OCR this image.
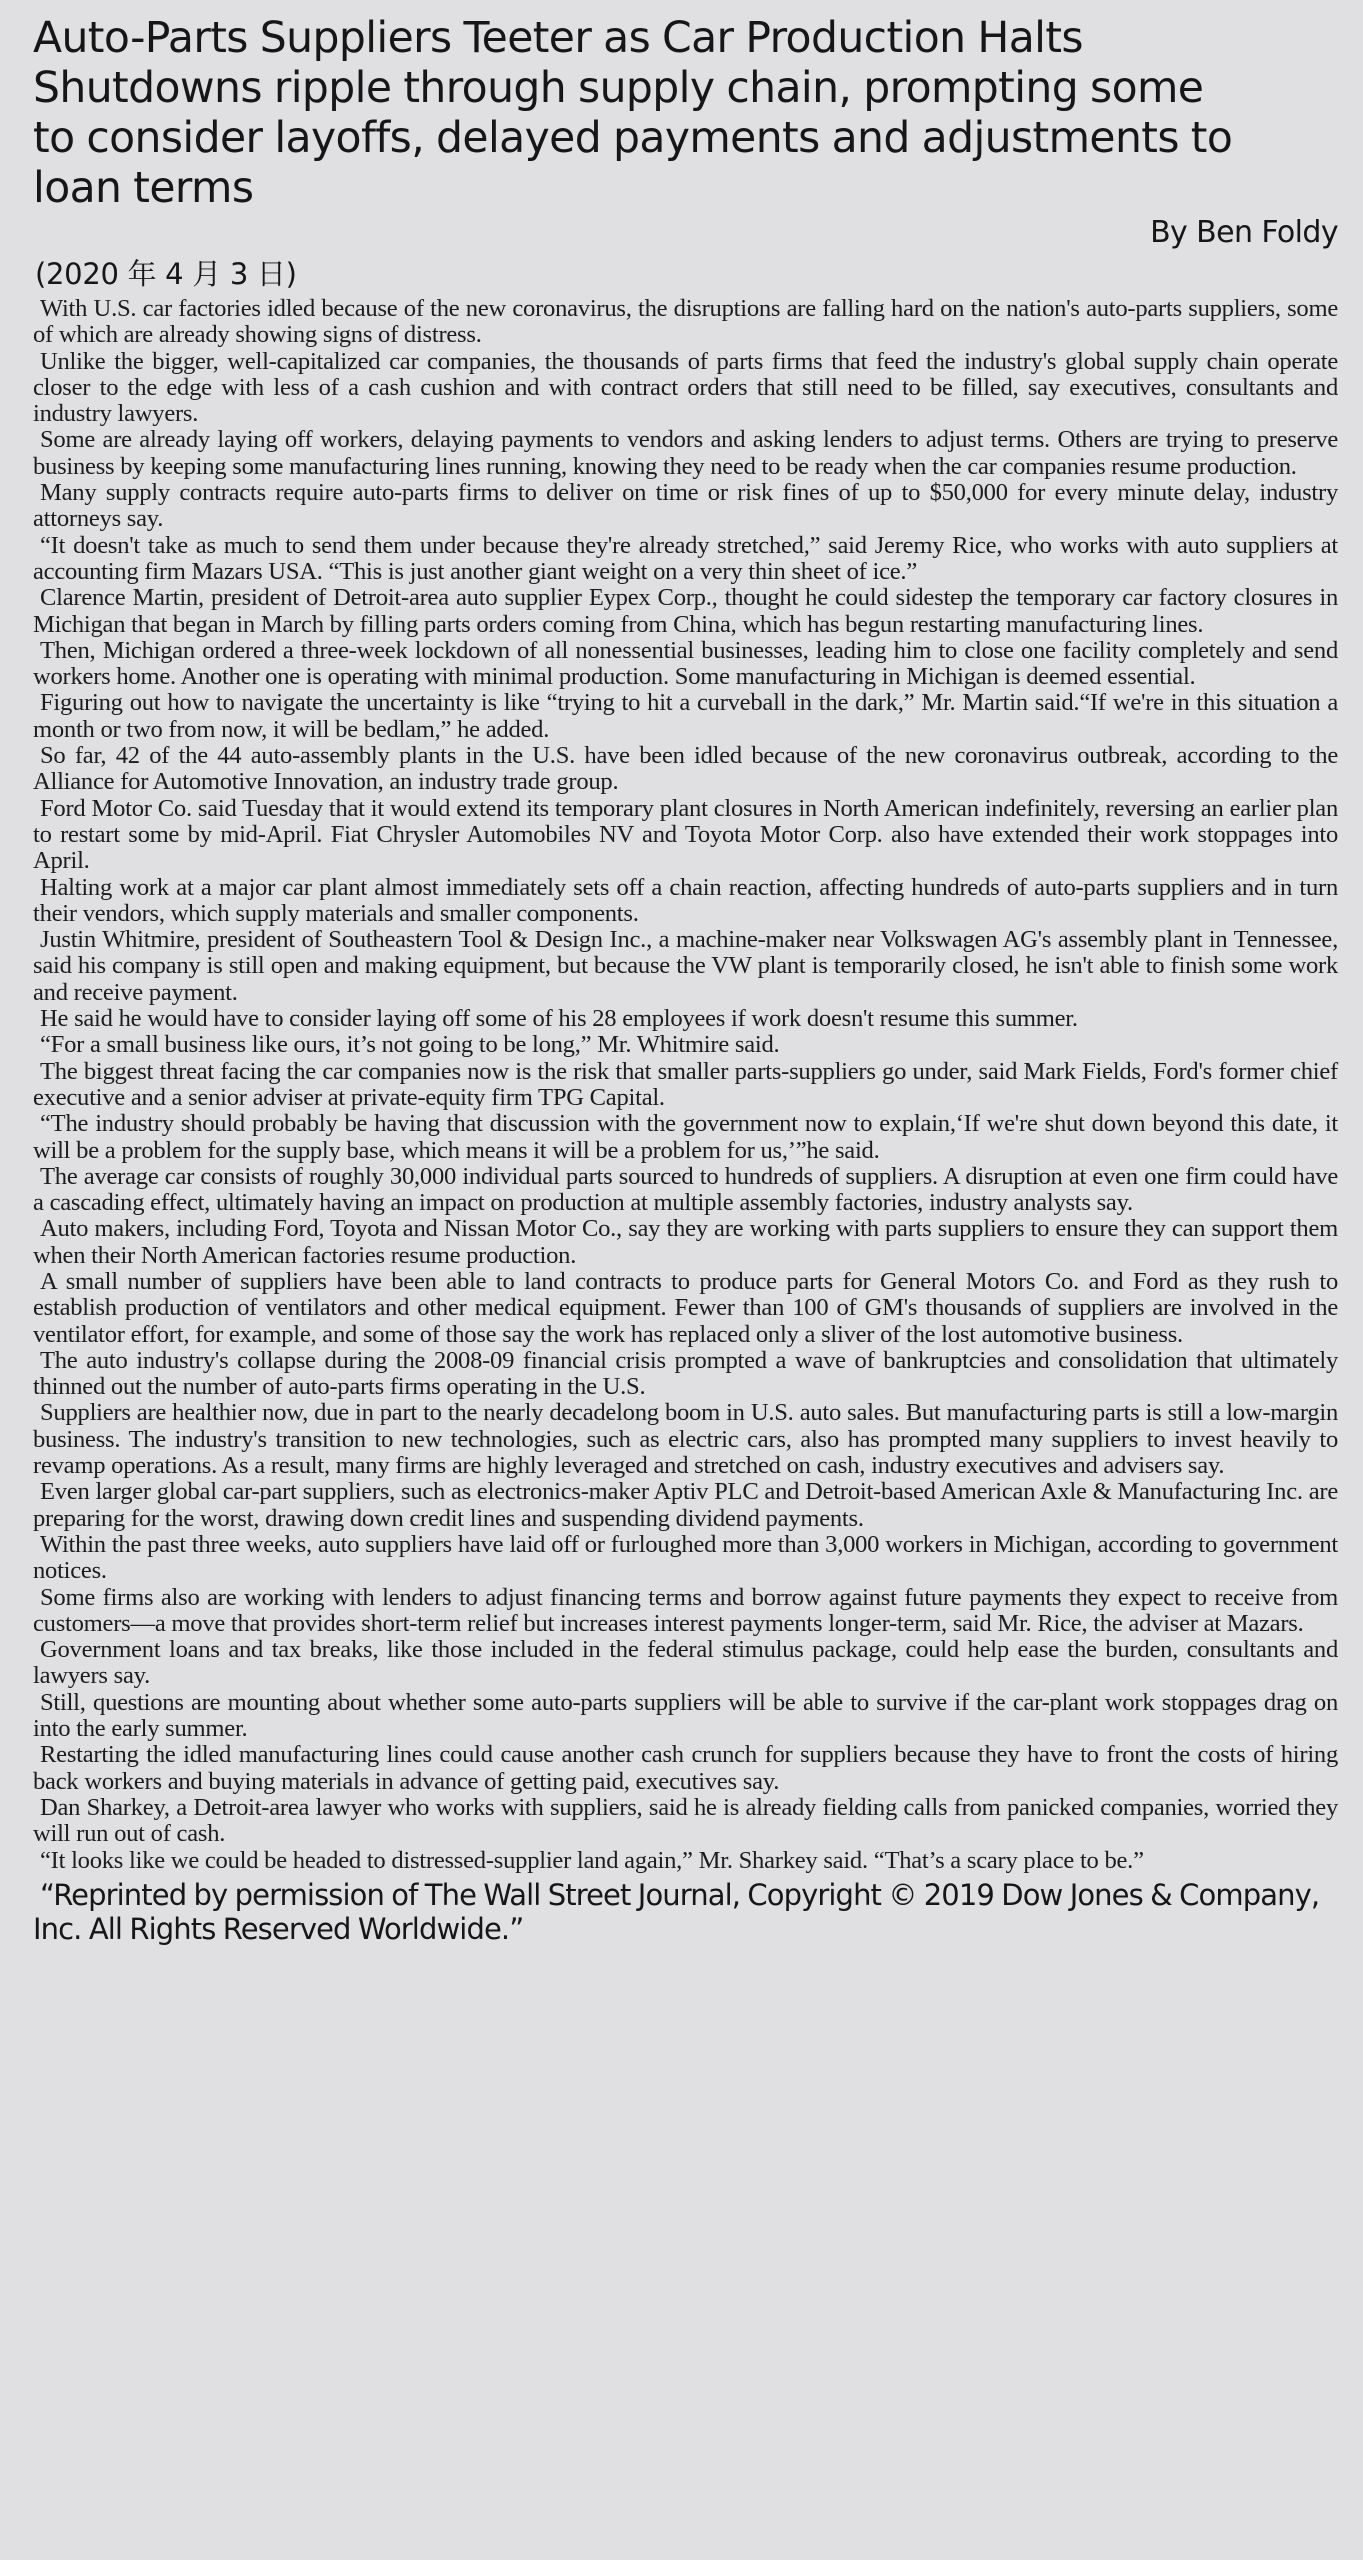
Auto-Parts Suppliers Teeter as Car Production Halts
Shutdowns ripple through supply chain, prompting some
to consider layoffs, delayed payments and adjustments to
loan terms

By Ben Foldy

(2020 年 4 月 3 日)

With U.S. car factories idled because of the new coronavirus, the disruptions are falling hard on the nation's auto-parts suppliers, some of which are already showing signs of distress.

Unlike the bigger, well-capitalized car companies, the thousands of parts firms that feed the industry's global supply chain operate closer to the edge with less of a cash cushion and with contract orders that still need to be filled, say executives, consultants and industry lawyers.

Some are already laying off workers, delaying payments to vendors and asking lenders to adjust terms. Others are trying to preserve business by keeping some manufacturing lines running, knowing they need to be ready when the car companies resume production.

Many supply contracts require auto-parts firms to deliver on time or risk fines of up to $50,000 for every minute delay, industry attorneys say.

“It doesn't take as much to send them under because they're already stretched,” said Jeremy Rice, who works with auto suppliers at accounting firm Mazars USA. “This is just another giant weight on a very thin sheet of ice.”

Clarence Martin, president of Detroit-area auto supplier Eypex Corp., thought he could sidestep the temporary car factory closures in Michigan that began in March by filling parts orders coming from China, which has begun restarting manufacturing lines.

Then, Michigan ordered a three-week lockdown of all nonessential businesses, leading him to close one facility completely and send workers home. Another one is operating with minimal production. Some manufacturing in Michigan is deemed essential.

Figuring out how to navigate the uncertainty is like “trying to hit a curveball in the dark,” Mr. Martin said.“If we're in this situation a month or two from now, it will be bedlam,” he added.

So far, 42 of the 44 auto-assembly plants in the U.S. have been idled because of the new coronavirus outbreak, according to the Alliance for Automotive Innovation, an industry trade group.

Ford Motor Co. said Tuesday that it would extend its temporary plant closures in North American indefinitely, reversing an earlier plan to restart some by mid-April. Fiat Chrysler Automobiles NV and Toyota Motor Corp. also have extended their work stoppages into April.

Halting work at a major car plant almost immediately sets off a chain reaction, affecting hundreds of auto-parts suppliers and in turn their vendors, which supply materials and smaller components.

Justin Whitmire, president of Southeastern Tool & Design Inc., a machine-maker near Volkswagen AG's assembly plant in Tennessee, said his company is still open and making equipment, but because the VW plant is temporarily closed, he isn't able to finish some work and receive payment.

He said he would have to consider laying off some of his 28 employees if work doesn't resume this summer.

“For a small business like ours, it’s not going to be long,” Mr. Whitmire said.

The biggest threat facing the car companies now is the risk that smaller parts-suppliers go under, said Mark Fields, Ford's former chief executive and a senior adviser at private-equity firm TPG Capital.

“The industry should probably be having that discussion with the government now to explain,‘If we're shut down beyond this date, it will be a problem for the supply base, which means it will be a problem for us,’”he said.

The average car consists of roughly 30,000 individual parts sourced to hundreds of suppliers. A disruption at even one firm could have a cascading effect, ultimately having an impact on production at multiple assembly factories, industry analysts say.

Auto makers, including Ford, Toyota and Nissan Motor Co., say they are working with parts suppliers to ensure they can support them when their North American factories resume production.

A small number of suppliers have been able to land contracts to produce parts for General Motors Co. and Ford as they rush to establish production of ventilators and other medical equipment. Fewer than 100 of GM's thousands of suppliers are involved in the ventilator effort, for example, and some of those say the work has replaced only a sliver of the lost automotive business.

The auto industry's collapse during the 2008-09 financial crisis prompted a wave of bankruptcies and consolidation that ultimately thinned out the number of auto-parts firms operating in the U.S.

Suppliers are healthier now, due in part to the nearly decadelong boom in U.S. auto sales. But manufacturing parts is still a low-margin business. The industry's transition to new technologies, such as electric cars, also has prompted many suppliers to invest heavily to revamp operations. As a result, many firms are highly leveraged and stretched on cash, industry executives and advisers say.

Even larger global car-part suppliers, such as electronics-maker Aptiv PLC and Detroit-based American Axle & Manufacturing Inc. are preparing for the worst, drawing down credit lines and suspending dividend payments.

Within the past three weeks, auto suppliers have laid off or furloughed more than 3,000 workers in Michigan, according to government notices.

Some firms also are working with lenders to adjust financing terms and borrow against future payments they expect to receive from customers—a move that provides short-term relief but increases interest payments longer-term, said Mr. Rice, the adviser at Mazars.

Government loans and tax breaks, like those included in the federal stimulus package, could help ease the burden, consultants and lawyers say.

Still, questions are mounting about whether some auto-parts suppliers will be able to survive if the car-plant work stoppages drag on into the early summer.

Restarting the idled manufacturing lines could cause another cash crunch for suppliers because they have to front the costs of hiring back workers and buying materials in advance of getting paid, executives say.

Dan Sharkey, a Detroit-area lawyer who works with suppliers, said he is already fielding calls from panicked companies, worried they will run out of cash.

“It looks like we could be headed to distressed-supplier land again,” Mr. Sharkey said. “That’s a scary place to be.”

“Reprinted by permission of The Wall Street Journal, Copyright © 2019 Dow Jones & Company, Inc. All Rights Reserved Worldwide.”
